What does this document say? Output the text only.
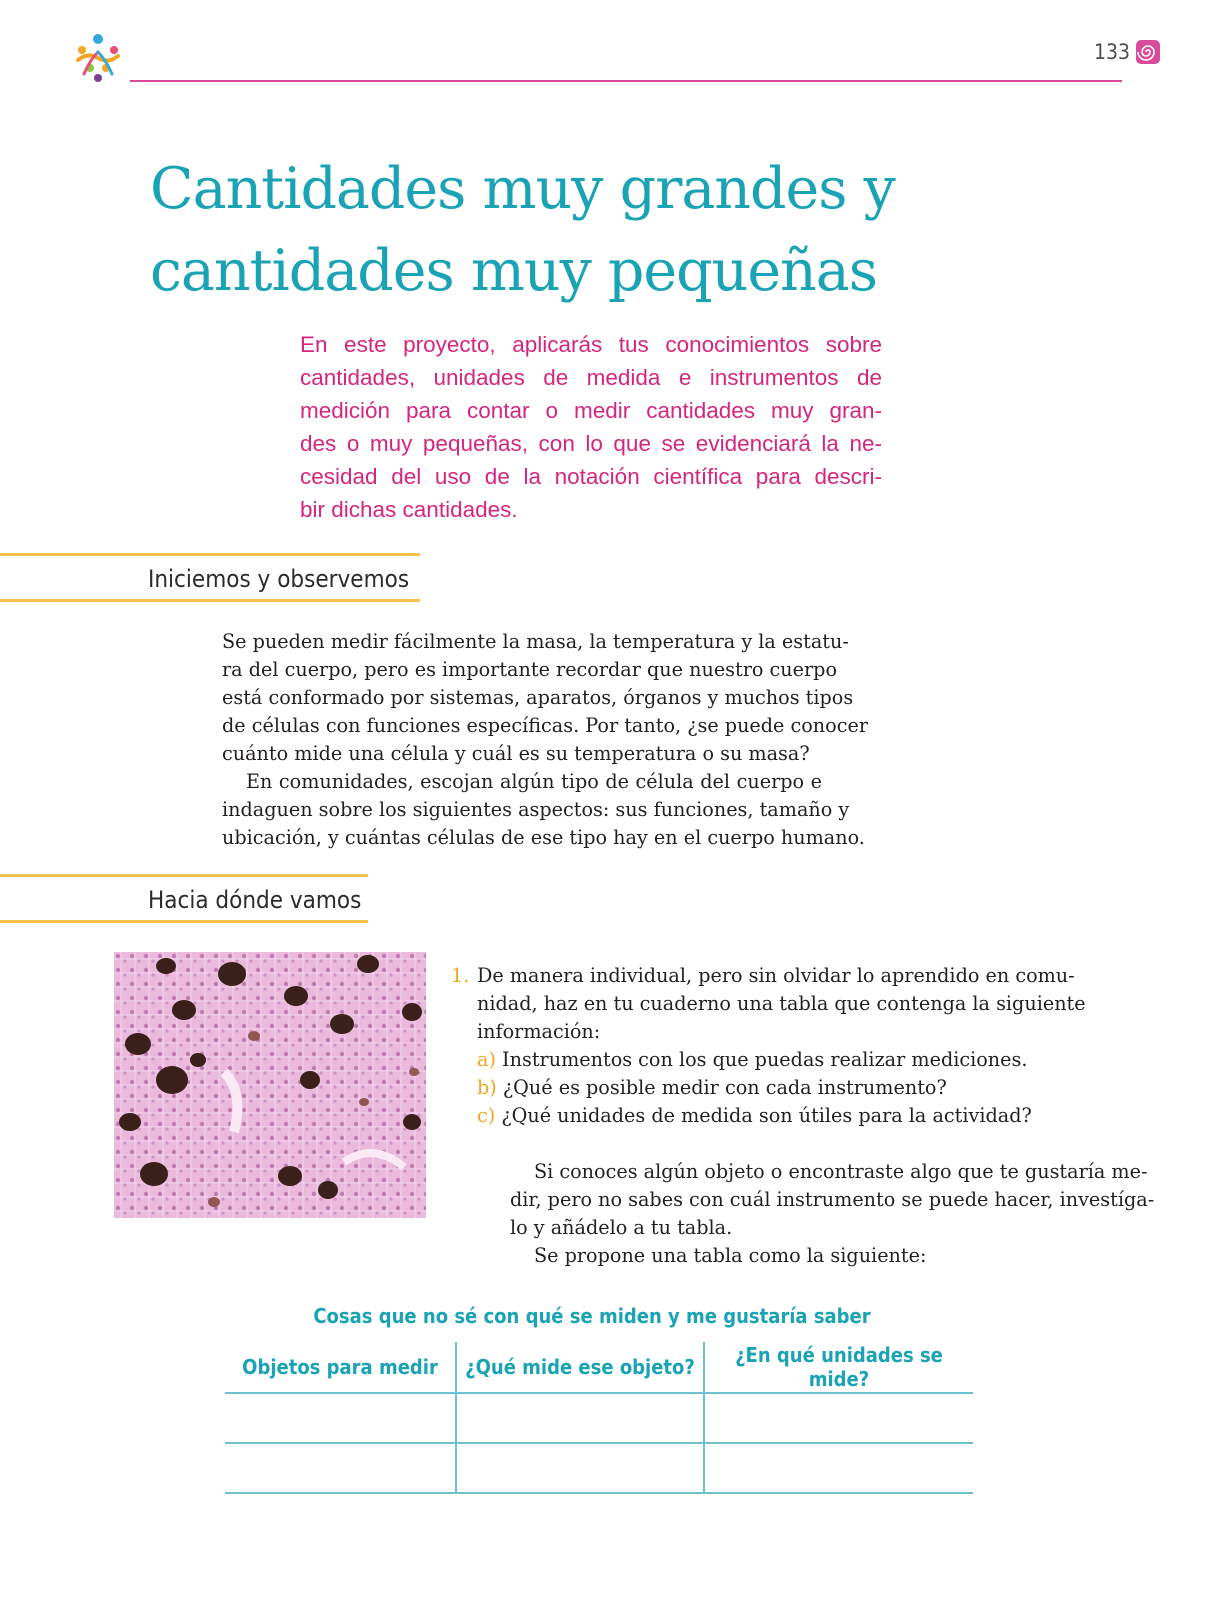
133
Cantidades muy grandes y
cantidades muy pequeñas
En este proyecto, aplicarás tus conocimientos sobre
cantidades, unidades de medida e instrumentos de
medición para contar o medir cantidades muy gran-
des o muy pequeñas, con lo que se evidenciará la ne-
cesidad del uso de la notación científica para descri-
bir dichas cantidades.
Iniciemos y observemos
Se pueden medir fácilmente la masa, la temperatura y la estatu-
ra del cuerpo, pero es importante recordar que nuestro cuerpo
está conformado por sistemas, aparatos, órganos y muchos tipos
de células con funciones específicas. Por tanto, ¿se puede conocer
cuánto mide una célula y cuál es su temperatura o su masa?
En comunidades, escojan algún tipo de célula del cuerpo e
indaguen sobre los siguientes aspectos: sus funciones, tamaño y
ubicación, y cuántas células de ese tipo hay en el cuerpo humano.
Hacia dónde vamos
1. De manera individual, pero sin olvidar lo aprendido en comu-
nidad, haz en tu cuaderno una tabla que contenga la siguiente
información:
a) Instrumentos con los que puedas realizar mediciones.
b) ¿Qué es posible medir con cada instrumento?
c) ¿Qué unidades de medida son útiles para la actividad?
Si conoces algún objeto o encontraste algo que te gustaría me-
dir, pero no sabes con cuál instrumento se puede hacer, investíga-
lo y añádelo a tu tabla.
Se propone una tabla como la siguiente:
Cosas que no sé con qué se miden y me gustaría saber
Objetos para medir	¿Qué mide ese objeto?	¿En qué unidades se mide?
